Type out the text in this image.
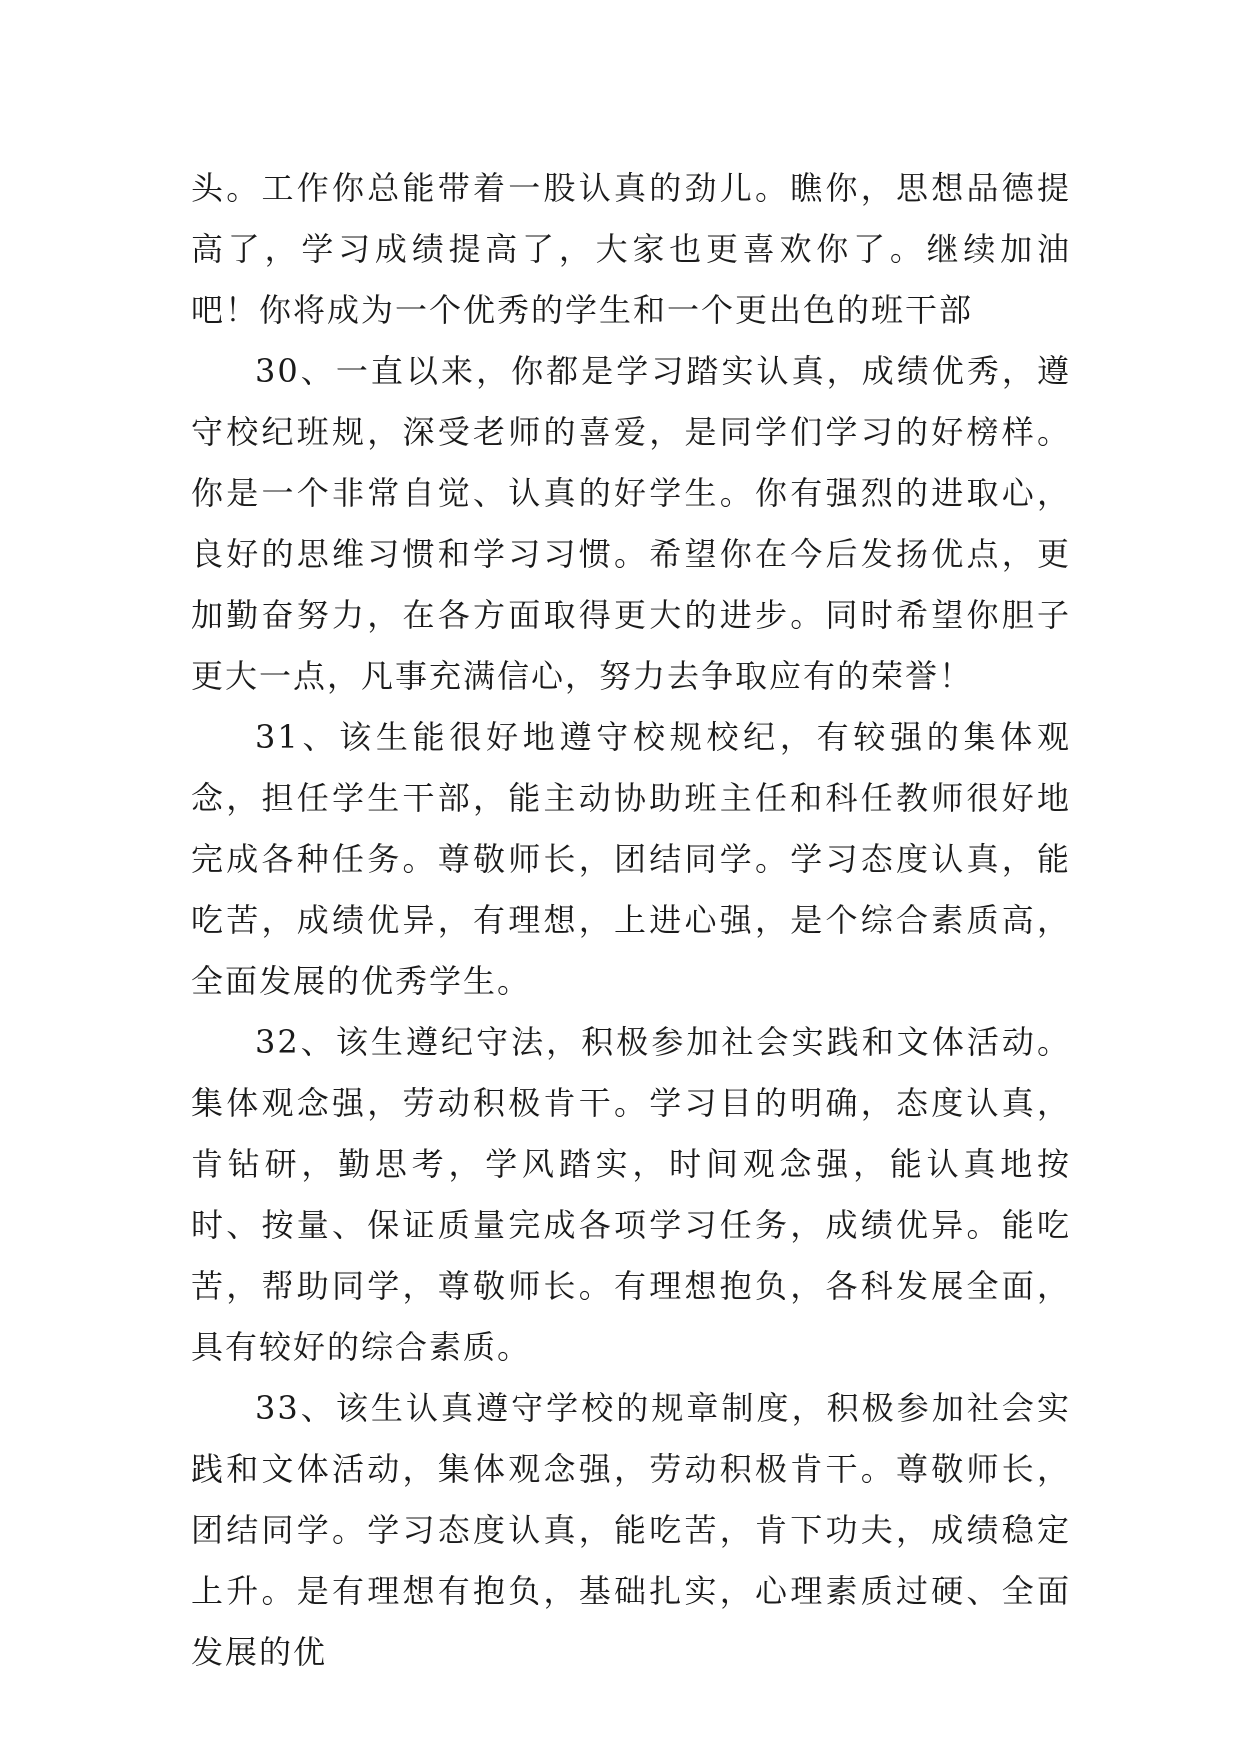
头。工作你总能带着一股认真的劲儿。瞧你，思想品德提高了，学习成绩提高了，大家也更喜欢你了。继续加油吧！你将成为一个优秀的学生和一个更出色的班干部

30、一直以来，你都是学习踏实认真，成绩优秀，遵守校纪班规，深受老师的喜爱，是同学们学习的好榜样。你是一个非常自觉、认真的好学生。你有强烈的进取心，良好的思维习惯和学习习惯。希望你在今后发扬优点，更加勤奋努力，在各方面取得更大的进步。同时希望你胆子更大一点，凡事充满信心，努力去争取应有的荣誉！

31、该生能很好地遵守校规校纪，有较强的集体观念，担任学生干部，能主动协助班主任和科任教师很好地完成各种任务。尊敬师长，团结同学。学习态度认真，能吃苦，成绩优异，有理想，上进心强，是个综合素质高，全面发展的优秀学生。

32、该生遵纪守法，积极参加社会实践和文体活动。集体观念强，劳动积极肯干。学习目的明确，态度认真，肯钻研，勤思考，学风踏实，时间观念强，能认真地按时、按量、保证质量完成各项学习任务，成绩优异。能吃苦，帮助同学，尊敬师长。有理想抱负，各科发展全面，具有较好的综合素质。

33、该生认真遵守学校的规章制度，积极参加社会实践和文体活动，集体观念强，劳动积极肯干。尊敬师长，团结同学。学习态度认真，能吃苦，肯下功夫，成绩稳定上升。是有理想有抱负，基础扎实，心理素质过硬、全面发展的优
